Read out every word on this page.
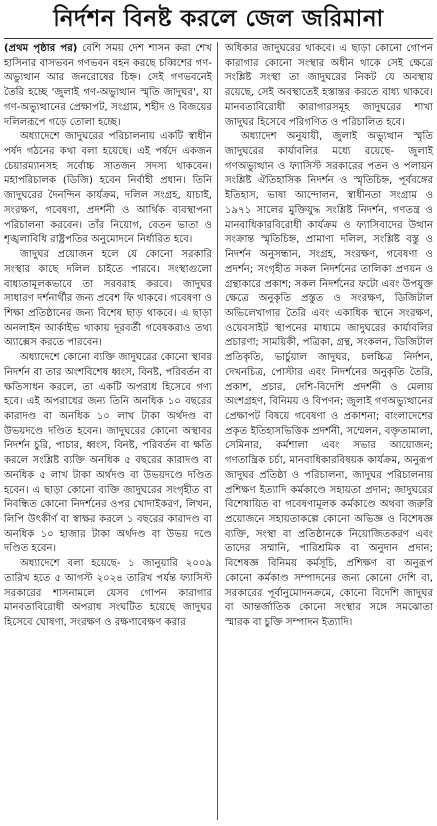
নির্দশন বিনষ্ট করলে জেল জরিমানা

(প্রথম পৃষ্ঠার পর) বেশি সময় দেশ শাসন করা শেখ হাসিনার বাসভবন গণভবন বহন করছে চব্বিশের গণ-অভ্যুত্থান আর জনরোষের চিহ্ন। সেই গণভবনেই তৈরি হচ্ছে 'জুলাই গণ-অভ্যুত্থান স্মৃতি জাদুঘর', যা গণ-অভ্যুত্থানের প্রেক্ষাপট, সংগ্রাম, শহীদ ও বিজয়ের দলিলরূপে গড়ে তোলা হচ্ছে।

অধ্যাদেশে জাদুঘরের পরিচালনায় একটি স্বাধীন পর্ষদ গঠনের কথা বলা হয়েছে। এই পর্ষদে একজন চেয়ারম্যানসহ সর্বোচ্চ সাতজন সদস্য থাকবেন। মহাপরিচালক (ডিজি) হবেন নির্বাহী প্রধান। তিনি জাদুঘরের দৈনন্দিন কার্যক্রম, দলিল সংগ্রহ, যাচাই, সংরক্ষণ, গবেষণা, প্রদর্শনী ও আর্থিক ব্যবস্থাপনা পরিচালনা করবেন। তাঁর নিয়োগ, বেতন ভাতা ও শৃঙ্খলাবিধি রাষ্ট্রপতির অনুমোদনে নির্ধারিত হবে।

জাদুঘর প্রয়োজন হলে যে কোনো সরকারি সংস্থার কাছে দলিল চাইতে পারবে। সংস্থাগুলো বাধ্যতামূলকভাবে তা সরবরাহ করবে। জাদুঘর সাধারণ দর্শনার্থীর জন্য প্রবেশ ফি থাকবে। গবেষণা ও শিক্ষা প্রতিষ্ঠানের জন্য বিশেষ ছাড় থাকবে। এ ছাড়া অনলাইন আর্কাইভ থাকায় দূরবর্তী গবেষকরাও তথ্য অ্যাক্সেস করতে পারবেন।

অধ্যাদেশে কোনো ব্যক্তি জাদুঘরের কোনো স্থাবর নিদর্শন বা তার অংশবিশেষ ধ্বংস, বিনষ্ট, পরিবর্তন বা ক্ষতিসাধন করলে, তা একটি অপরাধ হিসেবে গণ্য হবে। এই অপরাধের জন্য তিনি অনধিক ১০ বছরের কারাদণ্ড বা অনধিক ১০ লাখ টাকা অর্থদণ্ড বা উভয়দণ্ডে দণ্ডিত হবেন। জাদুঘরের কোনো অস্থাবর নিদর্শন চুরি, পাচার, ধ্বংস, বিনষ্ট, পরিবর্তন বা ক্ষতি করলে সংশ্লিষ্ট ব্যক্তি অনধিক ৫ বছরের কারাদণ্ড বা অনধিক ৫ লাখ টাকা অর্থদণ্ড বা উভয়দণ্ডে দণ্ডিত হবেন। এ ছাড়া কোনো ব্যক্তি জাদুঘরের সংগৃহীত বা নিবন্ধিত কোনো নিদর্শনের ওপর খোদাইকরণ, লিখন, লিপি উৎকীর্ণ বা স্বাক্ষর করলে ১ বছরের কারাদণ্ড বা অনধিক ১০ হাজার টাকা অর্থদণ্ড বা উভয় দণ্ডে দণ্ডিত হবেন।

অধ্যাদেশে বলা হয়েছে- ১ জানুয়ারি ২০০৯ তারিখ হতে ৫ আগস্ট ২০২৪ তারিখ পর্যন্ত ফ্যাসিস্ট সরকারের শাসনামলে যেসব গোপন কারাগার মানবতাবিরোধী অপরাধ সংঘটিত হয়েছে জাদুঘর হিসেবে ঘোষণা, সংরক্ষণ ও রক্ষণাবেক্ষণ করার

অধিকার জাদুঘরের থাকবে। এ ছাড়া কোনো গোপন কারাগার কোনো সংস্থার অধীন থাকে সেই ক্ষেত্রে সংশ্লিষ্ট সংস্থা তা জাদুঘরের নিকট যে অবস্থায় রয়েছে, সেই অবস্থাতেই হস্তান্তর করতে বাধ্য থাকবে। মানবতাবিরোধী কারাগারসমূহ জাদুঘরের শাখা জাদুঘর হিসেবে পরিগণিত ও পরিচালিত হবে।

অধ্যাদেশ অনুযায়ী, জুলাই অভ্যুত্থান স্মৃতি জাদুঘরের কার্যাবলির মধ্যে রয়েছে- জুলাই গণঅভ্যুত্থান ও ফ্যাসিস্ট সরকারের পতন ও পলায়ন সংশ্লিষ্ট ঐতিহাসিক নিদর্শন ও স্মৃতিচিহ্ন, পূর্ববঙ্গের ইতিহাস, ভাষা আন্দোলন, স্বাধীনতা সংগ্রাম ও ১৯৭১ সালের মুক্তিযুদ্ধ সংশ্লিষ্ট নিদর্শন, গণতন্ত্র ও মানবাধিকারবিরোধী কার্যক্রম ও ফ্যাসিবাদের উত্থান সংক্রান্ত স্মৃতিচিহ্ন, প্রামাণ্য দলিল, সংশ্লিষ্ট বস্তু ও নিদর্শন অনুসন্ধান, সংগ্রহ, সংরক্ষণ, গবেষণা ও প্রদর্শন; সংগৃহীত সকল নিদর্শনের তালিকা প্রণয়ন ও গ্রন্থাকারে প্রকাশ; সকল নিদর্শনের ফটো এবং উপযুক্ত ক্ষেত্রে অনুকৃতি প্রস্তুত ও সংরক্ষণ, ডিজিটাল অভিলেখাগার তৈরি এবং একাধিক স্থানে সংরক্ষণ, ওয়েবসাইট স্থাপনের মাধ্যমে জাদুঘরের কার্যাবলির প্রচারণা; সাময়িকী, পত্রিকা, গ্রন্থ, সংকলন, ডিজিটাল প্রতিকৃতি, ভার্চুয়াল জাদুঘর, চলচ্চিত্র নির্দশন, দেখনচিত্র, পোস্টার এবং নিদর্শনের অনুকৃতি তৈরি, প্রকাশ, প্রচার, দেশি-বিদেশি প্রদর্শনী ও মেলায় অংশগ্রহণ, বিনিময় ও বিপণন; জুলাই গণঅভ্যুত্থানের প্রেক্ষাপট বিষয়ে গবেষণা ও প্রকাশনা; বাংলাদেশের প্রকৃত ইতিহাসভিত্তিক প্রদর্শনী, সম্মেলন, বক্তৃতামালা, সেমিনার, কর্মশালা এবং সভার আয়োজন; গণতান্ত্রিক চর্চা, মানবাধিকারবিষয়ক কার্যক্রম, অনুরূপ জাদুঘর প্রতিষ্ঠা ও পরিচালনা, জাদুঘর পরিচালনায় প্রশিক্ষণ ইত্যাদি কর্মকাণ্ডে সহায়তা প্রদান; জাদুঘরের বিশেষায়িত বা গবেষণামূলক কর্মকাণ্ডে অথবা জরুরি প্রয়োজনে সহায়তাকল্পে কোনো অভিজ্ঞ ও বিশেষজ্ঞ ব্যক্তি, সংস্থা বা প্রতিষ্ঠানকে নিয়োজিতকরণ এবং তাদের সম্মানি, পারিশ্রমিক বা অনুদান প্রদান; বিশেষজ্ঞ বিনিময় কর্মসূচি, প্রশিক্ষণ বা অনুরূপ কোনো কর্মকাণ্ড সম্পাদনের জন্য কোনো দেশি বা, সরকারের পূর্বানুমোদনক্রমে, কোনো বিদেশি জাদুঘর বা আন্তর্জাতিক কোনো সংস্থার সঙ্গে সমঝোতা স্মারক বা চুক্তি সম্পাদন ইত্যাদি।
